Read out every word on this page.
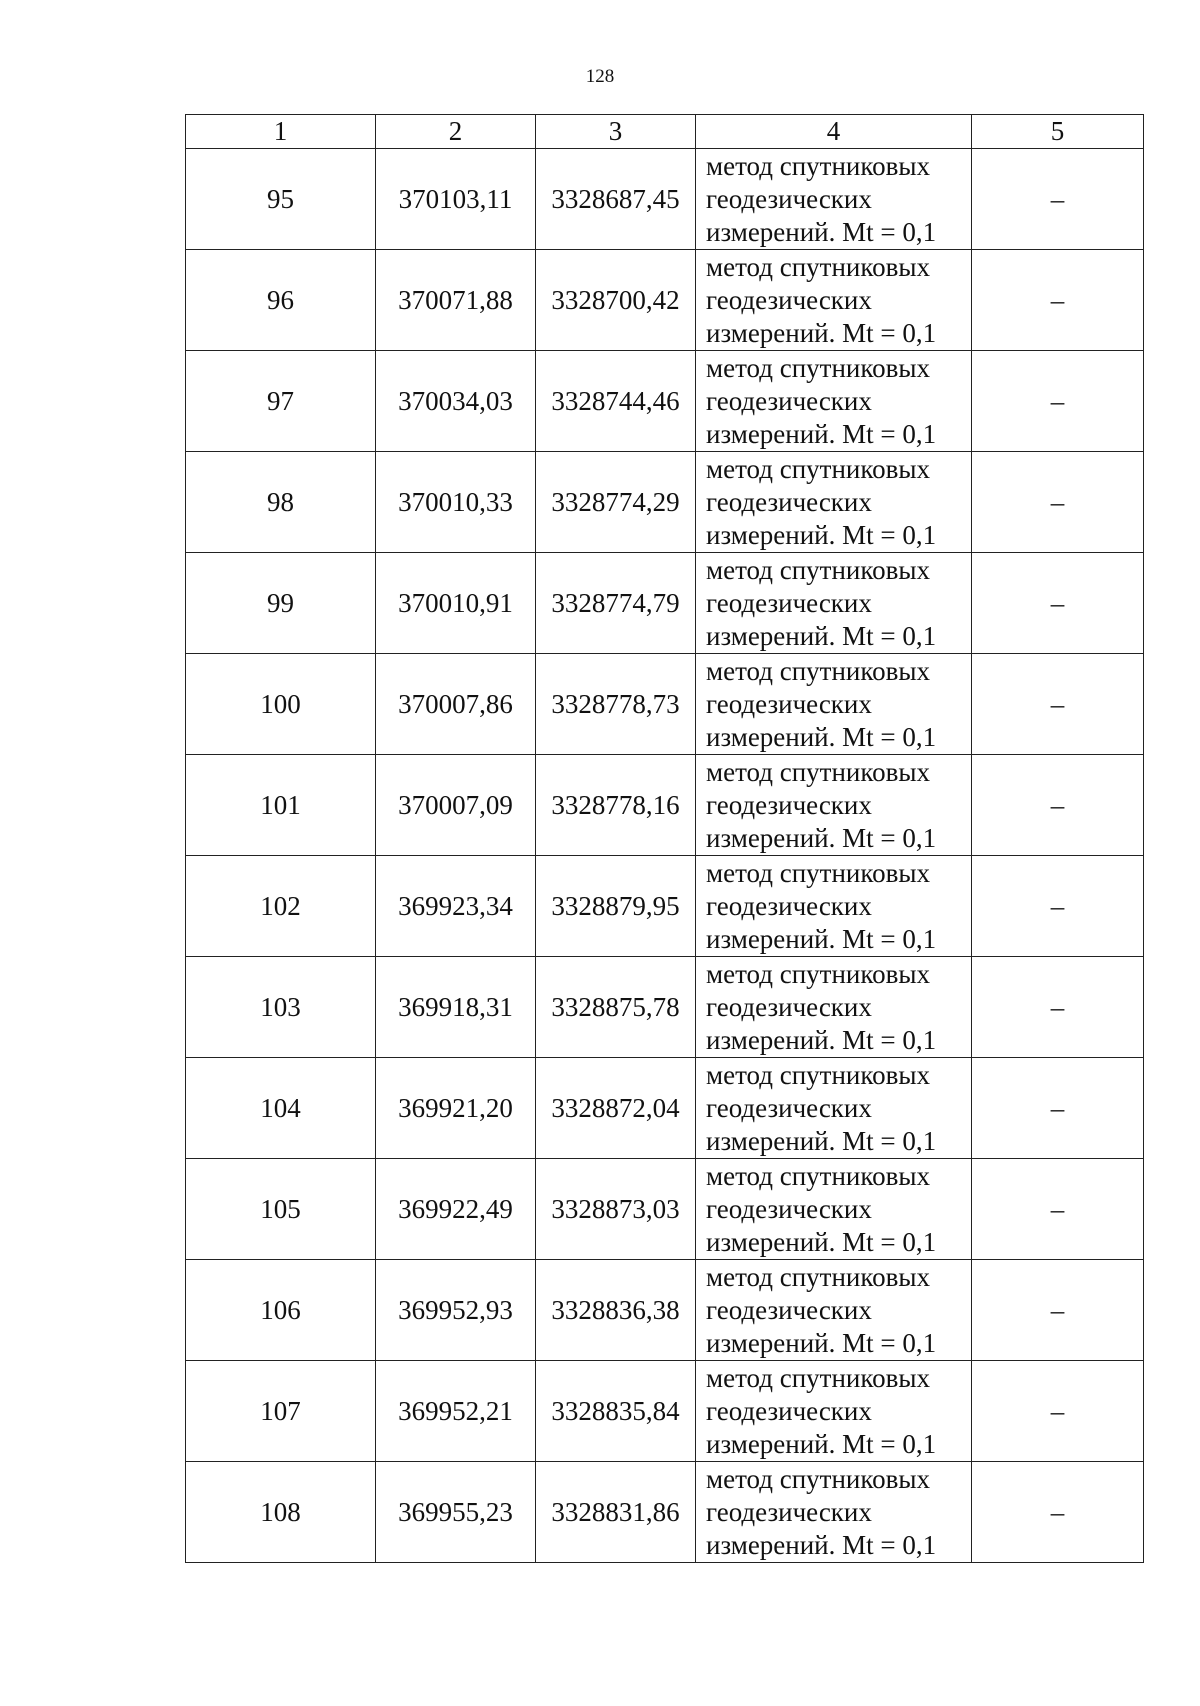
128
1	2	3	4	5
95	370103,11	3328687,45	метод спутниковых
геодезических
измерений. Mt = 0,1	–
96	370071,88	3328700,42	метод спутниковых
геодезических
измерений. Mt = 0,1	–
97	370034,03	3328744,46	метод спутниковых
геодезических
измерений. Mt = 0,1	–
98	370010,33	3328774,29	метод спутниковых
геодезических
измерений. Mt = 0,1	–
99	370010,91	3328774,79	метод спутниковых
геодезических
измерений. Mt = 0,1	–
100	370007,86	3328778,73	метод спутниковых
геодезических
измерений. Mt = 0,1	–
101	370007,09	3328778,16	метод спутниковых
геодезических
измерений. Mt = 0,1	–
102	369923,34	3328879,95	метод спутниковых
геодезических
измерений. Mt = 0,1	–
103	369918,31	3328875,78	метод спутниковых
геодезических
измерений. Mt = 0,1	–
104	369921,20	3328872,04	метод спутниковых
геодезических
измерений. Mt = 0,1	–
105	369922,49	3328873,03	метод спутниковых
геодезических
измерений. Mt = 0,1	–
106	369952,93	3328836,38	метод спутниковых
геодезических
измерений. Mt = 0,1	–
107	369952,21	3328835,84	метод спутниковых
геодезических
измерений. Mt = 0,1	–
108	369955,23	3328831,86	метод спутниковых
геодезических
измерений. Mt = 0,1	–
